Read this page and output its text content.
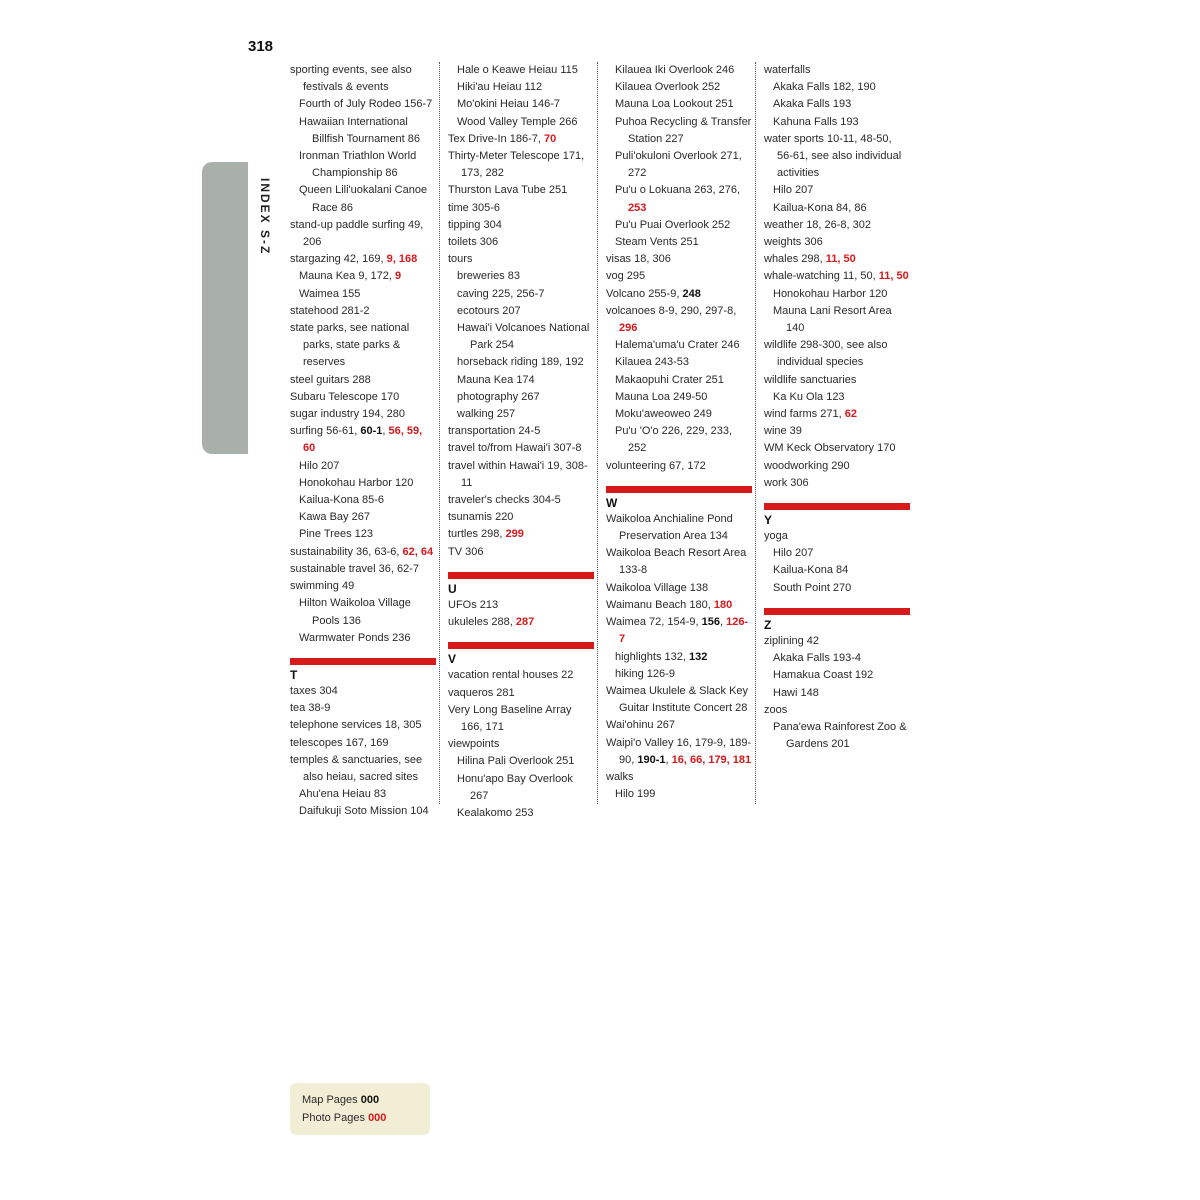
318
INDEX S-Z
sporting events, see also festivals & events
Fourth of July Rodeo 156-7
Hawaiian International Billfish Tournament 86
Ironman Triathlon World Championship 86
Queen Lili'uokalani Canoe Race 86
stand-up paddle surfing 49, 206
stargazing 42, 169, 9, 168
Mauna Kea 9, 172, 9
Waimea 155
statehood 281-2
state parks, see national parks, state parks & reserves
steel guitars 288
Subaru Telescope 170
sugar industry 194, 280
surfing 56-61, 60-1, 56, 59, 60
Hilo 207
Honokohau Harbor 120
Kailua-Kona 85-6
Kawa Bay 267
Pine Trees 123
sustainability 36, 63-6, 62, 64
sustainable travel 36, 62-7
swimming 49
Hilton Waikoloa Village Pools 136
Warmwater Ponds 236
T
taxes 304
tea 38-9
telephone services 18, 305
telescopes 167, 169
temples & sanctuaries, see also heiau, sacred sites
Ahu'ena Heiau 83
Daifukuji Soto Mission 104
Hale o Keawe Heiau 115
Hiki'au Heiau 112
Mo'okini Heiau 146-7
Wood Valley Temple 266
Tex Drive-In 186-7, 70
Thirty-Meter Telescope 171, 173, 282
Thurston Lava Tube 251
time 305-6
tipping 304
toilets 306
tours
breweries 83
caving 225, 256-7
ecotours 207
Hawai'i Volcanoes National Park 254
horseback riding 189, 192
Mauna Kea 174
photography 267
walking 257
transportation 24-5
travel to/from Hawai'i 307-8
travel within Hawai'i 19, 308-11
traveler's checks 304-5
tsunamis 220
turtles 298, 299
TV 306
U
UFOs 213
ukuleles 288, 287
V
vacation rental houses 22
vaqueros 281
Very Long Baseline Array 166, 171
viewpoints
Hilina Pali Overlook 251
Honu'apo Bay Overlook 267
Kealakomo 253
Kilauea Iki Overlook 246
Kilauea Overlook 252
Mauna Loa Lookout 251
Puhoa Recycling & Transfer Station 227
Puli'okuloni Overlook 271, 272
Pu'u o Lokuana 263, 276, 253
Pu'u Puai Overlook 252
Steam Vents 251
visas 18, 306
vog 295
Volcano 255-9, 248
volcanoes 8-9, 290, 297-8, 296
Halema'uma'u Crater 246
Kilauea 243-53
Makaopuhi Crater 251
Mauna Loa 249-50
Moku'aweoweo 249
Pu'u 'O'o 226, 229, 233, 252
volunteering 67, 172
W
Waikoloa Anchialine Pond Preservation Area 134
Waikoloa Beach Resort Area 133-8
Waikoloa Village 138
Waimanu Beach 180, 180
Waimea 72, 154-9, 156, 126-7
highlights 132, 132
hiking 126-9
Waimea Ukulele & Slack Key Guitar Institute Concert 28
Wai'ohinu 267
Waipi'o Valley 16, 179-9, 189-90, 190-1, 16, 66, 179, 181
walks
Hilo 199
waterfalls
Akaka Falls 182, 190
Akaka Falls 193
Kahuna Falls 193
water sports 10-11, 48-50, 56-61, see also individual activities
Hilo 207
Kailua-Kona 84, 86
weather 18, 26-8, 302
weights 306
whales 298, 11, 50
whale-watching 11, 50, 11, 50
Honokohau Harbor 120
Mauna Lani Resort Area 140
wildlife 298-300, see also individual species
wildlife sanctuaries
Ka Ku Ola 123
wind farms 271, 62
wine 39
WM Keck Observatory 170
woodworking 290
work 306
Y
yoga
Hilo 207
Kailua-Kona 84
South Point 270
Z
ziplining 42
Akaka Falls 193-4
Hamakua Coast 192
Hawi 148
zoos
Pana'ewa Rainforest Zoo & Gardens 201
Map Pages 000
Photo Pages 000
